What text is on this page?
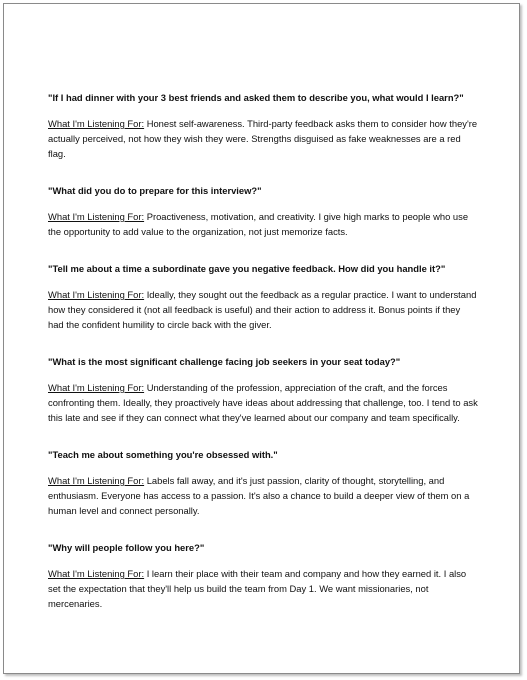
"If I had dinner with your 3 best friends and asked them to describe you, what would I learn?"

What I'm Listening For: Honest self-awareness. Third-party feedback asks them to consider how they're actually perceived, not how they wish they were. Strengths disguised as fake weaknesses are a red flag.

"What did you do to prepare for this interview?"

What I'm Listening For: Proactiveness, motivation, and creativity. I give high marks to people who use the opportunity to add value to the organization, not just memorize facts.

"Tell me about a time a subordinate gave you negative feedback. How did you handle it?"

What I'm Listening For: Ideally, they sought out the feedback as a regular practice. I want to understand how they considered it (not all feedback is useful) and their action to address it. Bonus points if they had the confident humility to circle back with the giver.

"What is the most significant challenge facing job seekers in your seat today?"

What I'm Listening For: Understanding of the profession, appreciation of the craft, and the forces confronting them. Ideally, they proactively have ideas about addressing that challenge, too. I tend to ask this late and see if they can connect what they've learned about our company and team specifically.

"Teach me about something you're obsessed with."

What I'm Listening For: Labels fall away, and it's just passion, clarity of thought, storytelling, and enthusiasm. Everyone has access to a passion. It's also a chance to build a deeper view of them on a human level and connect personally.

"Why will people follow you here?"

What I'm Listening For: I learn their place with their team and company and how they earned it. I also set the expectation that they'll help us build the team from Day 1. We want missionaries, not mercenaries.
